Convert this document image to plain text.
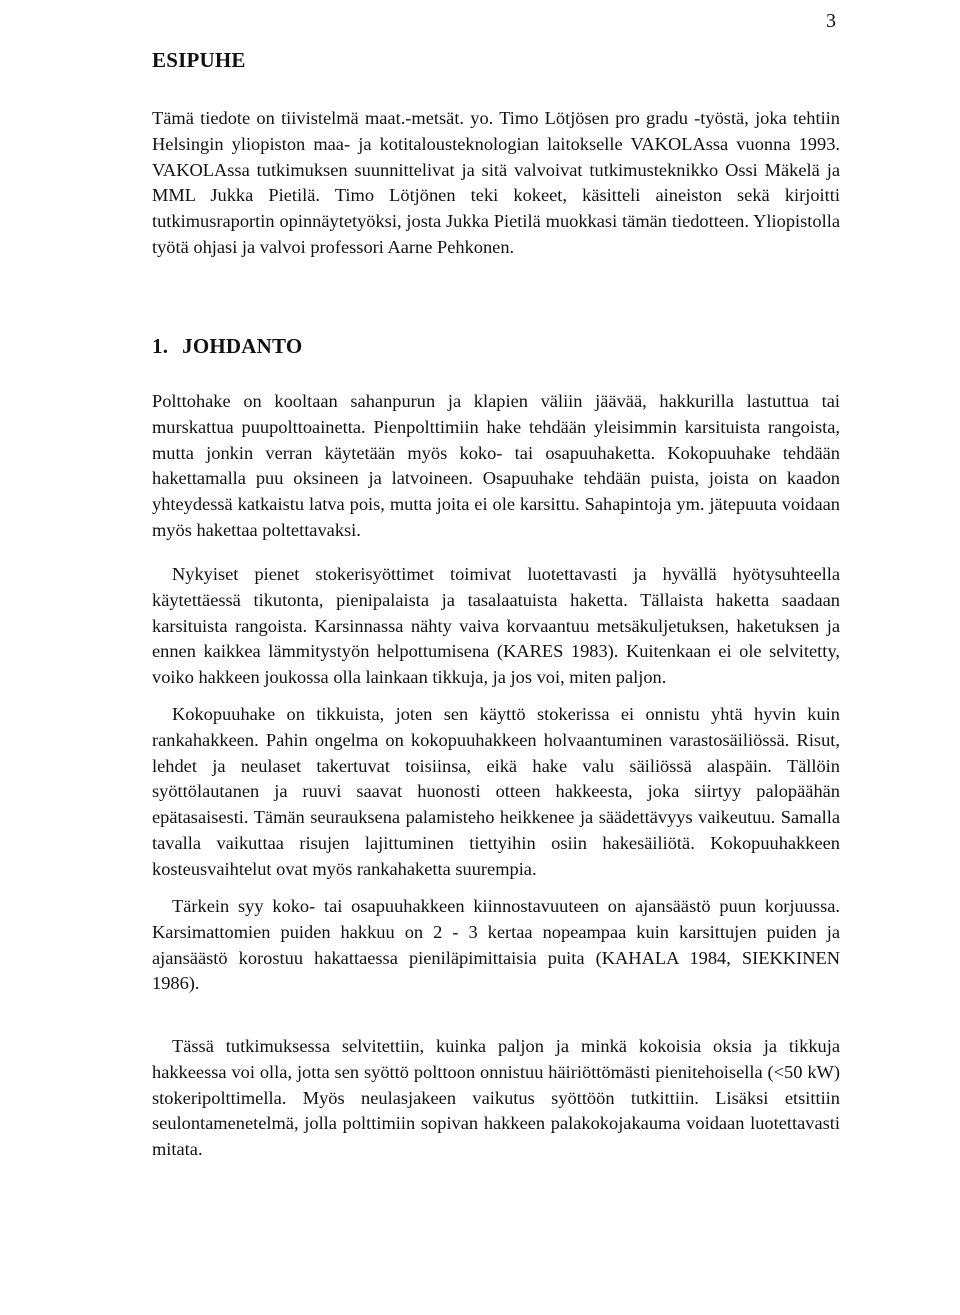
3
ESIPUHE

Tämä tiedote on tiivistelmä maat.-metsät. yo. Timo Lötjösen pro gradu -työstä, joka tehtiin Helsingin yliopiston maa- ja kotitalousteknologian laitokselle VAKOLAssa vuonna 1993. VAKOLAssa tutkimuksen suunnittelivat ja sitä valvoivat tutkimusteknikko Ossi Mäkelä ja MML Jukka Pietilä. Timo Lötjönen teki kokeet, käsitteli aineiston sekä kirjoitti tutkimusraportin opinnäytetyöksi, josta Jukka Pietilä muokkasi tämän tiedotteen. Yliopistolla työtä ohjasi ja valvoi professori Aarne Pehkonen.

1. JOHDANTO

Polttohake on kooltaan sahanpurun ja klapien väliin jäävää, hakkurilla lastuttua tai murskattua puupolttoainetta. Pienpolttimiin hake tehdään yleisimmin karsituista rangoista, mutta jonkin verran käytetään myös koko- tai osapuuhaketta. Kokopuuhake tehdään hakettamalla puu oksineen ja latvoineen. Osapuuhake tehdään puista, joista on kaadon yhteydessä katkaistu latva pois, mutta joita ei ole karsittu. Sahapintoja ym. jätepuuta voidaan myös hakettaa poltettavaksi.

Nykyiset pienet stokerisyöttimet toimivat luotettavasti ja hyvällä hyötysuhteella käytettäessä tikutonta, pienipalaista ja tasalaatuista haketta. Tällaista haketta saadaan karsituista rangoista. Karsinnassa nähty vaiva korvaantuu metsäkuljetuksen, haketuksen ja ennen kaikkea lämmitystyön helpottumisena (KARES 1983). Kuitenkaan ei ole selvitetty, voiko hakkeen joukossa olla lainkaan tikkuja, ja jos voi, miten paljon.

Kokopuuhake on tikkuista, joten sen käyttö stokerissa ei onnistu yhtä hyvin kuin rankahakkeen. Pahin ongelma on kokopuuhakkeen holvaantuminen varastosäiliössä. Risut, lehdet ja neulaset takertuvat toisiinsa, eikä hake valu säiliössä alaspäin. Tällöin syöttölautanen ja ruuvi saavat huonosti otteen hakkeesta, joka siirtyy palopäähän epätasaisesti. Tämän seurauksena palamisteho heikkenee ja säädettävyys vaikeutuu. Samalla tavalla vaikuttaa risujen lajittuminen tiettyihin osiin hakesäiliötä. Kokopuuhakkeen kosteusvaihtelut ovat myös rankahaketta suurempia.

Tärkein syy koko- tai osapuuhakkeen kiinnostavuuteen on ajansäästö puun korjuussa. Karsimattomien puiden hakkuu on 2 - 3 kertaa nopeampaa kuin karsittujen puiden ja ajansäästö korostuu hakattaessa pieniläpimittaisia puita (KAHALA 1984, SIEKKINEN 1986).

Tässä tutkimuksessa selvitettiin, kuinka paljon ja minkä kokoisia oksia ja tikkuja hakkeessa voi olla, jotta sen syöttö polttoon onnistuu häiriöttömästi pienitehoisella (<50 kW) stokeripolttimella. Myös neulasjakeen vaikutus syöttöön tutkittiin. Lisäksi etsittiin seulontamenetelmä, jolla polttimiin sopivan hakkeen palakokojakauma voidaan luotettavasti mitata.
